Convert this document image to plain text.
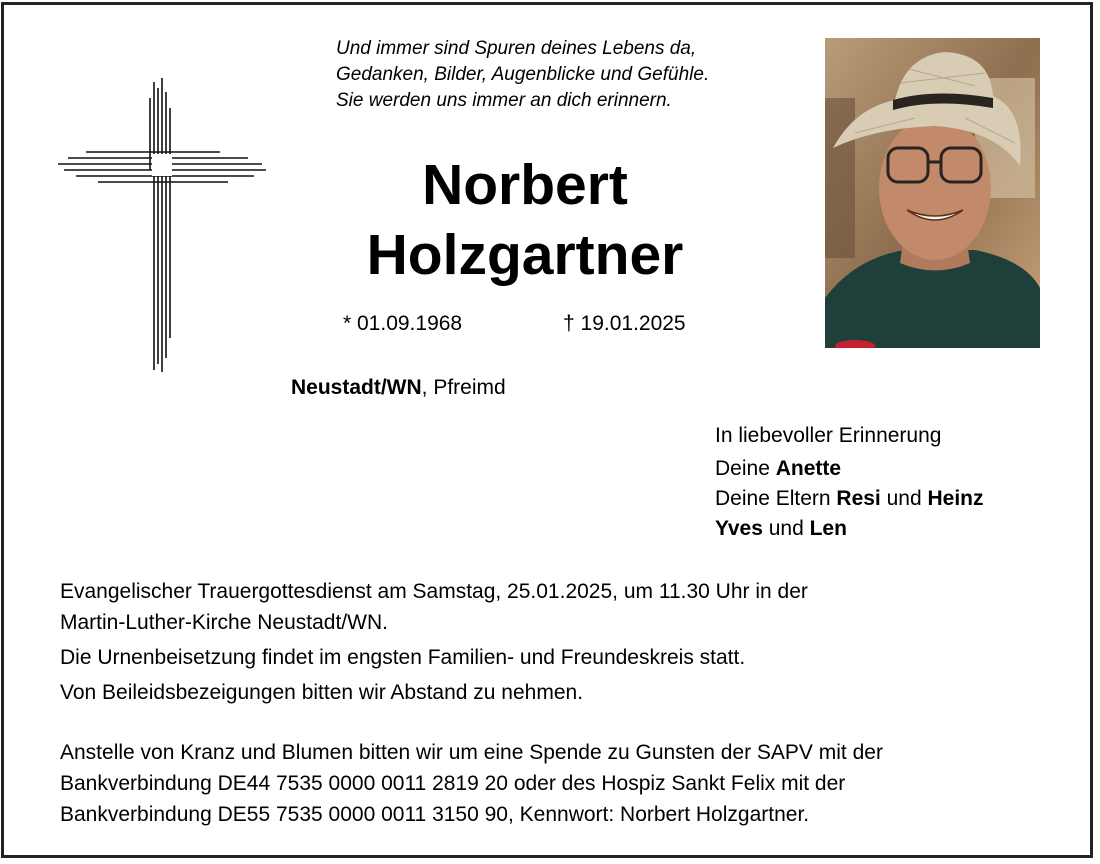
Und immer sind Spuren deines Lebens da,
Gedanken, Bilder, Augenblicke und Gefühle.
Sie werden uns immer an dich erinnern.
Norbert
Holzgartner
* 01.09.1968	† 19.01.2025
Neustadt/WN, Pfreimd
In liebevoller Erinnerung
Deine Anette
Deine Eltern Resi und Heinz
Yves und Len
Evangelischer Trauergottesdienst am Samstag, 25.01.2025, um 11.30 Uhr in der
Martin-Luther-Kirche Neustadt/WN.
Die Urnenbeisetzung findet im engsten Familien- und Freundeskreis statt.
Von Beileidsbezeigungen bitten wir Abstand zu nehmen.
Anstelle von Kranz und Blumen bitten wir um eine Spende zu Gunsten der SAPV mit der
Bankverbindung DE44 7535 0000 0011 2819 20 oder des Hospiz Sankt Felix mit der
Bankverbindung DE55 7535 0000 0011 3150 90, Kennwort: Norbert Holzgartner.
